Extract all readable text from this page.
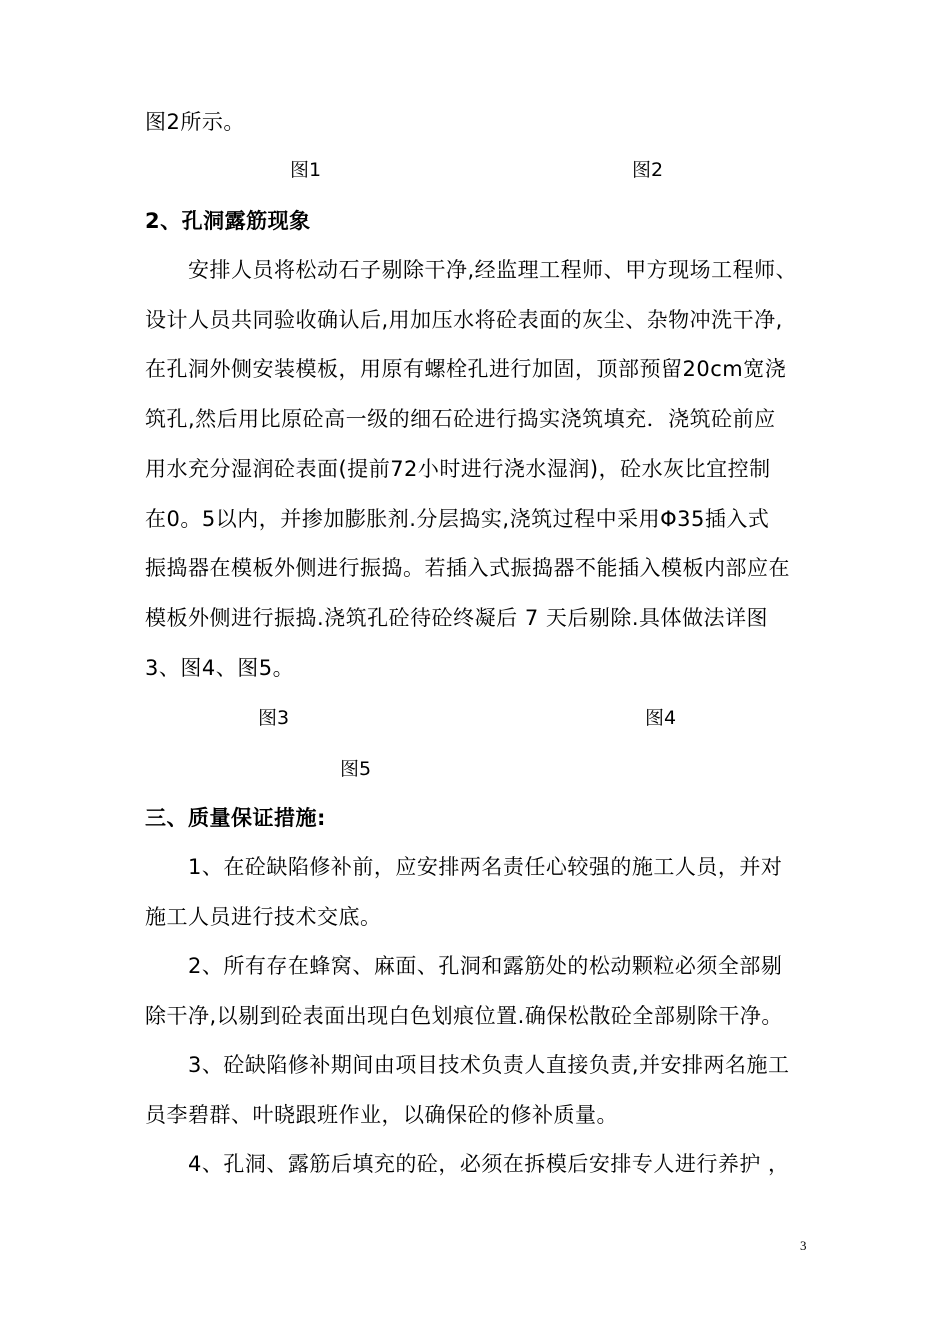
图2所示。
图1	图2
2、孔洞露筋现象
安排人员将松动石子剔除干净,经监理工程师、甲方现场工程师、
设计人员共同验收确认后,用加压水将砼表面的灰尘、杂物冲洗干净,
在孔洞外侧安装模板，用原有螺栓孔进行加固，顶部预留20cm宽浇
筑孔,然后用比原砼高一级的细石砼进行捣实浇筑填充．浇筑砼前应
用水充分湿润砼表面(提前72小时进行浇水湿润)，砼水灰比宜控制
在0。5以内，并掺加膨胀剂.分层捣实,浇筑过程中采用Φ35插入式
振捣器在模板外侧进行振捣。若插入式振捣器不能插入模板内部应在
模板外侧进行振捣.浇筑孔砼待砼终凝后 7 天后剔除.具体做法详图
3、图4、图5。
图3	图4
图5
三、质量保证措施:
1、在砼缺陷修补前，应安排两名责任心较强的施工人员，并对
施工人员进行技术交底。
2、所有存在蜂窝、麻面、孔洞和露筋处的松动颗粒必须全部剔
除干净,以剔到砼表面出现白色划痕位置.确保松散砼全部剔除干净。
3、砼缺陷修补期间由项目技术负责人直接负责,并安排两名施工
员李碧群、叶晓跟班作业，以确保砼的修补质量。
4、孔洞、露筋后填充的砼，必须在拆模后安排专人进行养护 ，
3
